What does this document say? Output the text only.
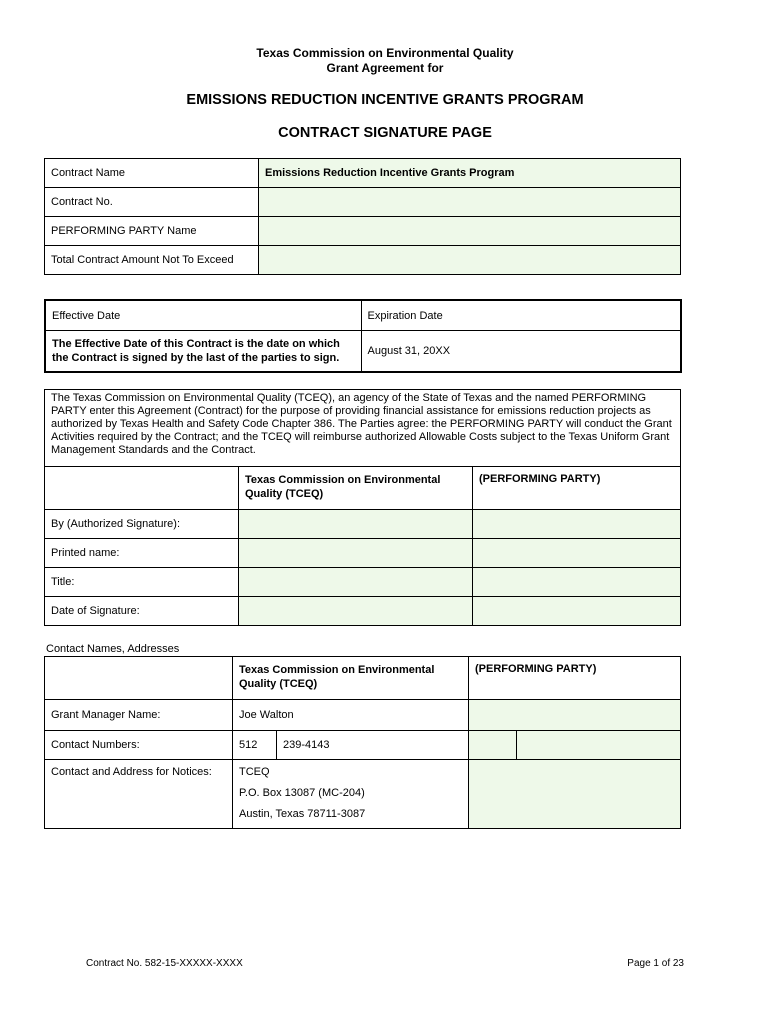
Texas Commission on Environmental Quality
Grant Agreement for
EMISSIONS REDUCTION INCENTIVE GRANTS PROGRAM
CONTRACT SIGNATURE PAGE
Contract Name	Emissions Reduction Incentive Grants Program
Contract No.	
PERFORMING PARTY Name	
Total Contract Amount Not To Exceed	
Effective Date	Expiration Date
The Effective Date of this Contract is the date on which the Contract is signed by the last of the parties to sign.	August 31, 20XX
The Texas Commission on Environmental Quality (TCEQ), an agency of the State of Texas and the named PERFORMING PARTY enter this Agreement (Contract) for the purpose of providing financial assistance for emissions reduction projects as authorized by Texas Health and Safety Code Chapter 386. The Parties agree: the PERFORMING PARTY will conduct the Grant Activities required by the Contract; and the TCEQ will reimburse authorized Allowable Costs subject to the Texas Uniform Grant Management Standards and the Contract.		
	Texas Commission on Environmental Quality (TCEQ)	(PERFORMING PARTY)
By (Authorized Signature):		
Printed name:		
Title:		
Date of Signature:		
Contact Names, Addresses
	Texas Commission on Environmental Quality (TCEQ)		(PERFORMING PARTY)	
Grant Manager Name:	Joe Walton			
Contact Numbers:	512	239-4143		
Contact and Address for Notices:	TCEQ
P.O. Box 13087 (MC-204)
Austin, Texas 78711-3087			

Contract No. 582-15-XXXXX-XXXX	Page 1 of 23
